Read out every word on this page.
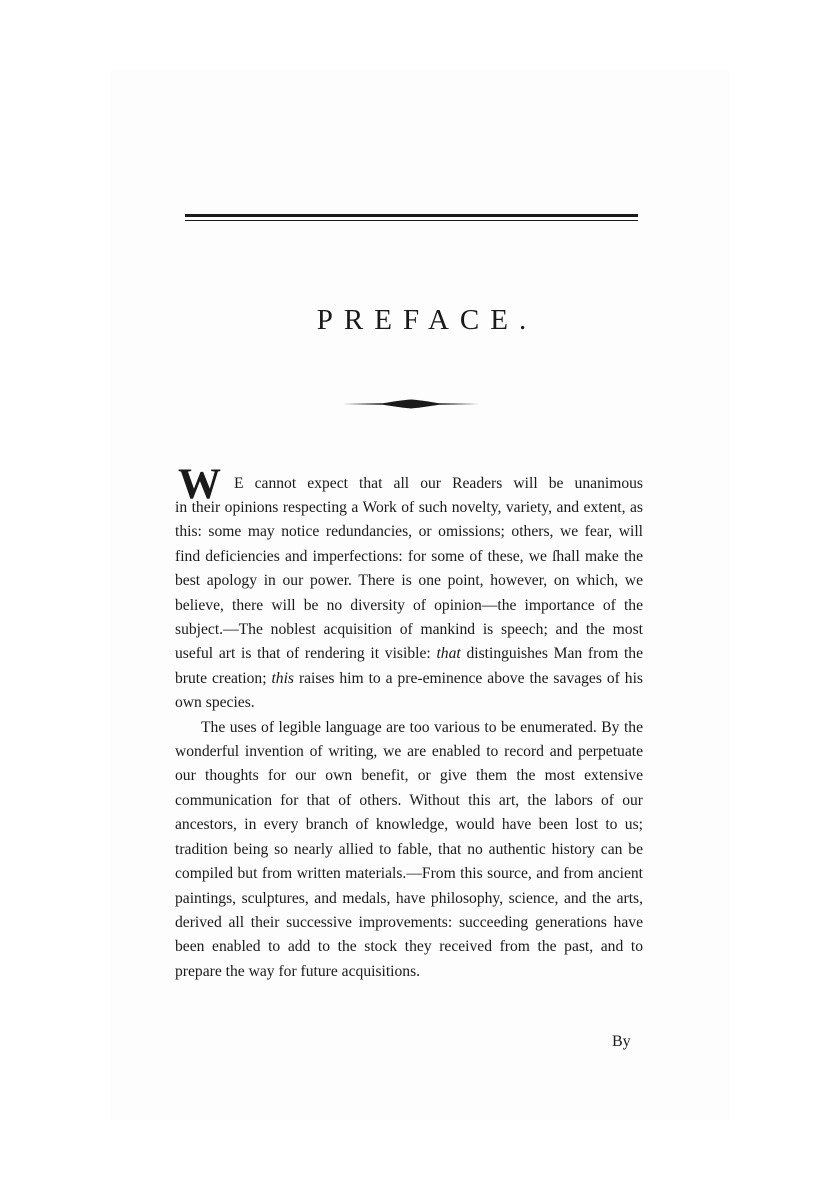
PREFACE.
W E cannot expect that all our Readers will be unanimous

in their opinions respecting a Work of such novelty, variety, and extent, as this: some may notice redundancies, or omissions; others, we fear, will find deficiencies and imperfections: for some of these, we ſhall make the best apology in our power. There is one point, however, on which, we believe, there will be no diversity of opinion—the importance of the subject.—The noblest acquisition of mankind is speech; and the most useful art is that of rendering it visible: that distinguishes Man from the brute creation; this raises him to a pre-eminence above the savages of his own species.

The uses of legible language are too various to be enumerated. By the wonderful invention of writing, we are enabled to record and perpetuate our thoughts for our own benefit, or give them the most extensive communication for that of others. Without this art, the labors of our ancestors, in every branch of knowledge, would have been lost to us; tradition being so nearly allied to fable, that no authentic history can be compiled but from written materials.—From this source, and from ancient paintings, sculptures, and medals, have philosophy, science, and the arts, derived all their successive improvements: succeeding generations have been enabled to add to the stock they received from the past, and to prepare the way for future acquisitions.

By
